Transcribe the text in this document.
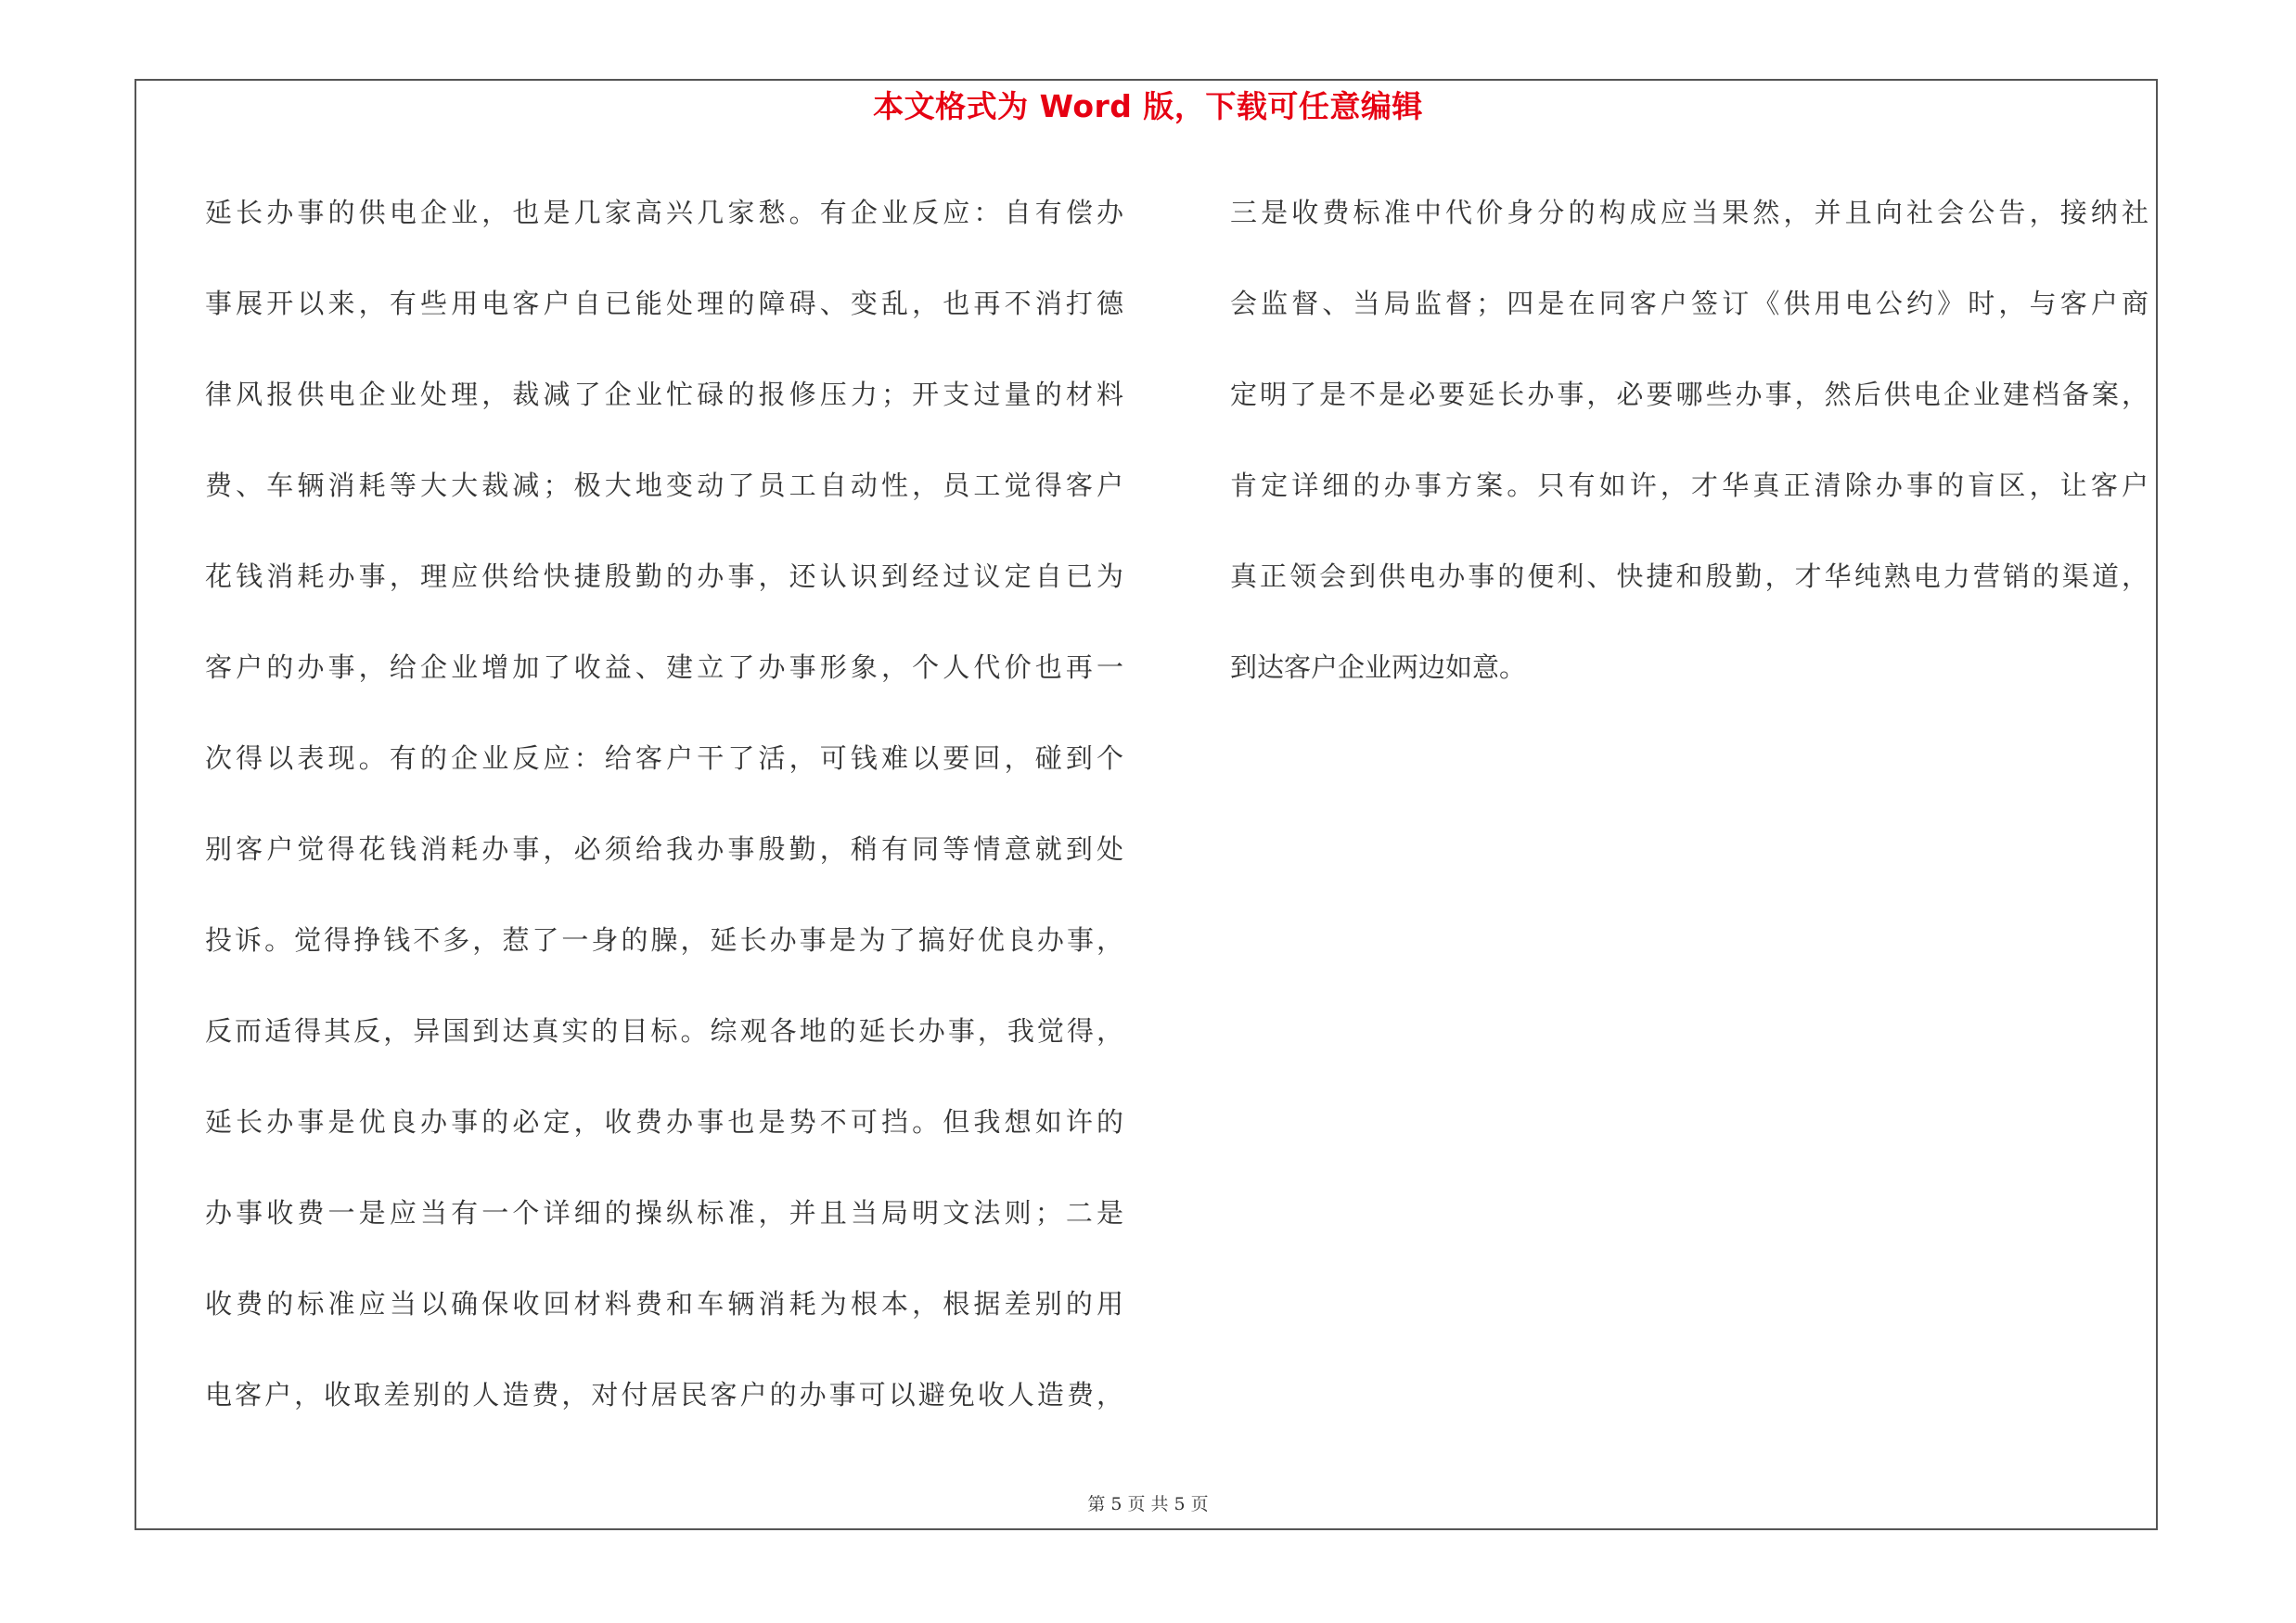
本文格式为 Word 版，下载可任意编辑
延长办事的供电企业，也是几家高兴几家愁。有企业反应：自有偿办
事展开以来，有些用电客户自已能处理的障碍、变乱，也再不消打德
律风报供电企业处理，裁减了企业忙碌的报修压力；开支过量的材料
费、车辆消耗等大大裁减；极大地变动了员工自动性，员工觉得客户
花钱消耗办事，理应供给快捷殷勤的办事，还认识到经过议定自已为
客户的办事，给企业增加了收益、建立了办事形象，个人代价也再一
次得以表现。有的企业反应：给客户干了活，可钱难以要回，碰到个
别客户觉得花钱消耗办事，必须给我办事殷勤，稍有同等情意就到处
投诉。觉得挣钱不多，惹了一身的臊，延长办事是为了搞好优良办事，
反而适得其反，异国到达真实的目标。综观各地的延长办事，我觉得，
延长办事是优良办事的必定，收费办事也是势不可挡。但我想如许的
办事收费一是应当有一个详细的操纵标准，并且当局明文法则；二是
收费的标准应当以确保收回材料费和车辆消耗为根本，根据差别的用
电客户，收取差别的人造费，对付居民客户的办事可以避免收人造费，
三是收费标准中代价身分的构成应当果然，并且向社会公告，接纳社
会监督、当局监督；四是在同客户签订《供用电公约》时，与客户商
定明了是不是必要延长办事，必要哪些办事，然后供电企业建档备案，
肯定详细的办事方案。只有如许，才华真正清除办事的盲区，让客户
真正领会到供电办事的便利、快捷和殷勤，才华纯熟电力营销的渠道，
到达客户企业两边如意。
第 5 页 共 5 页
